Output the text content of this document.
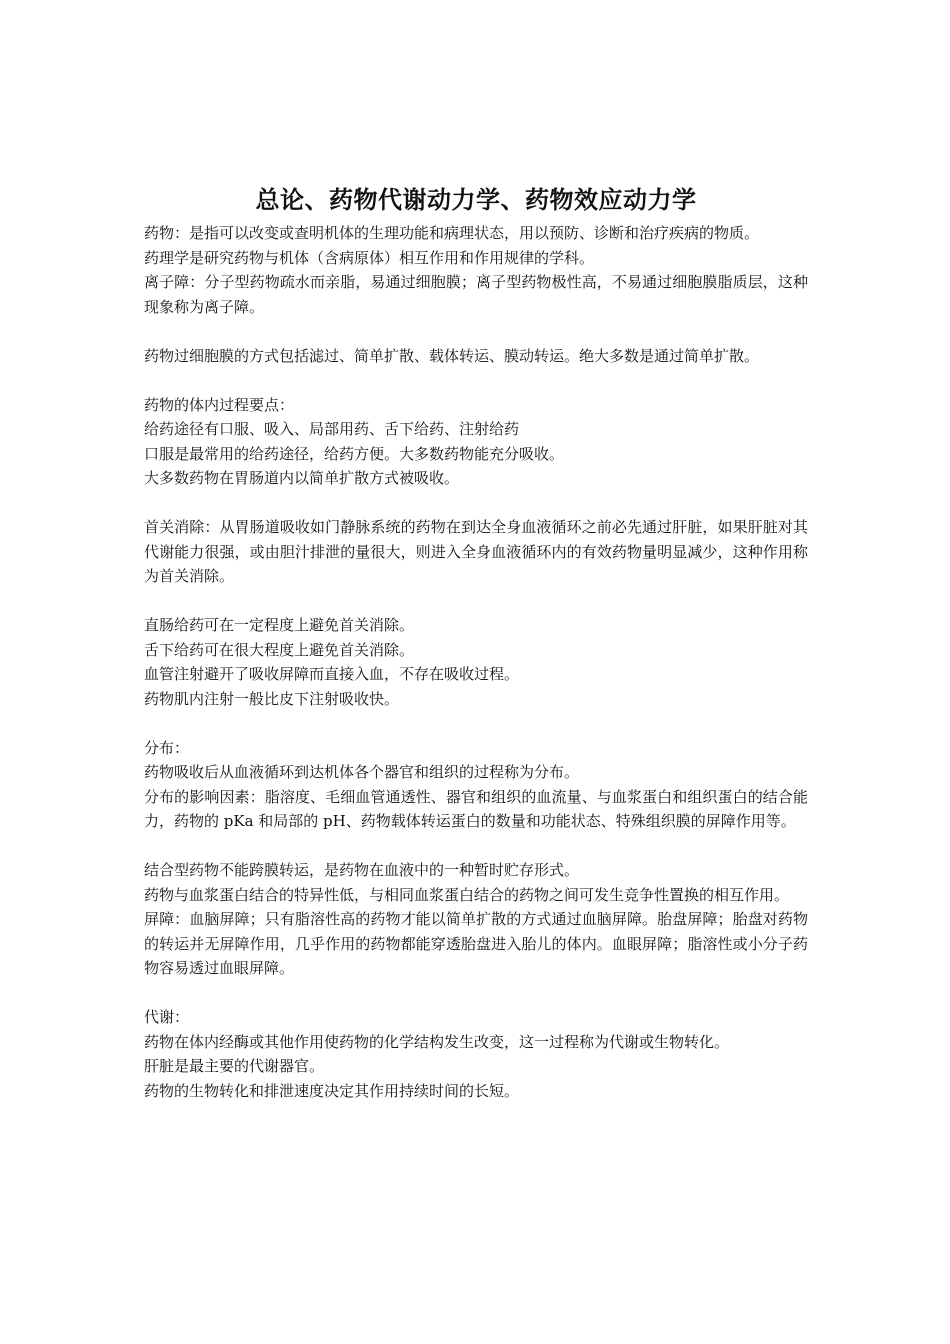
总论、药物代谢动力学、药物效应动力学

药物：是指可以改变或查明机体的生理功能和病理状态，用以预防、诊断和治疗疾病的物质。

药理学是研究药物与机体（含病原体）相互作用和作用规律的学科。

离子障：分子型药物疏水而亲脂，易通过细胞膜；离子型药物极性高，不易通过细胞膜脂质层，这种现象称为离子障。

药物过细胞膜的方式包括滤过、简单扩散、载体转运、膜动转运。绝大多数是通过简单扩散。

药物的体内过程要点：

给药途径有口服、吸入、局部用药、舌下给药、注射给药

口服是最常用的给药途径，给药方便。大多数药物能充分吸收。

大多数药物在胃肠道内以简单扩散方式被吸收。

首关消除：从胃肠道吸收如门静脉系统的药物在到达全身血液循环之前必先通过肝脏，如果肝脏对其代谢能力很强，或由胆汁排泄的量很大，则进入全身血液循环内的有效药物量明显减少，这种作用称为首关消除。

直肠给药可在一定程度上避免首关消除。

舌下给药可在很大程度上避免首关消除。

血管注射避开了吸收屏障而直接入血，不存在吸收过程。

药物肌内注射一般比皮下注射吸收快。

分布：

药物吸收后从血液循环到达机体各个器官和组织的过程称为分布。

分布的影响因素：脂溶度、毛细血管通透性、器官和组织的血流量、与血浆蛋白和组织蛋白的结合能力，药物的 pKa 和局部的 pH、药物载体转运蛋白的数量和功能状态、特殊组织膜的屏障作用等。

结合型药物不能跨膜转运，是药物在血液中的一种暂时贮存形式。

药物与血浆蛋白结合的特异性低，与相同血浆蛋白结合的药物之间可发生竞争性置换的相互作用。

屏障：血脑屏障；只有脂溶性高的药物才能以简单扩散的方式通过血脑屏障。胎盘屏障；胎盘对药物的转运并无屏障作用，几乎作用的药物都能穿透胎盘进入胎儿的体内。血眼屏障；脂溶性或小分子药物容易透过血眼屏障。

代谢：

药物在体内经酶或其他作用使药物的化学结构发生改变，这一过程称为代谢或生物转化。

肝脏是最主要的代谢器官。

药物的生物转化和排泄速度决定其作用持续时间的长短。
